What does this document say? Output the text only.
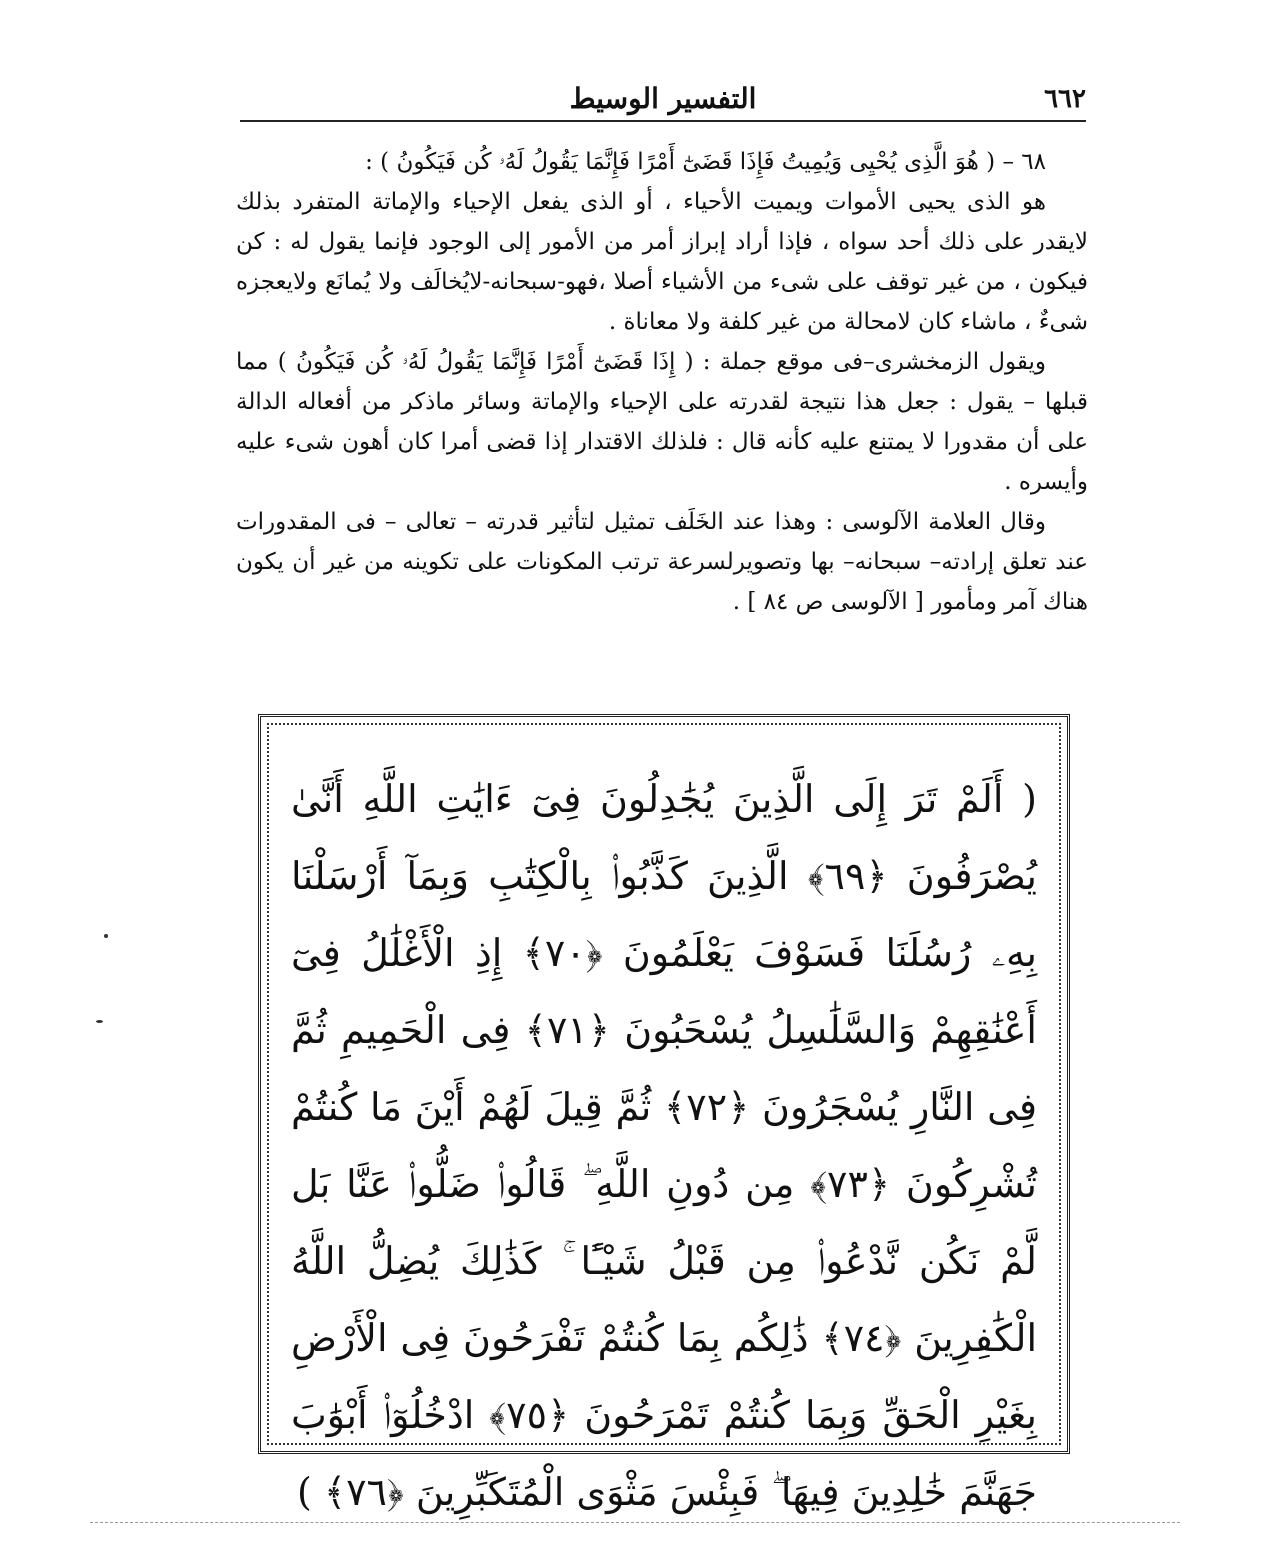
٦٦٢
التفسير الوسيط

٦٨ – ( هُوَ الَّذِى يُحْيِى وَيُمِيتُ فَإِذَا قَضَىٰٓ أَمْرًا فَإِنَّمَا يَقُولُ لَهُۥ كُن فَيَكُونُ ) :

هو الذى يحيى الأموات ويميت الأحياء ، أو الذى يفعل الإحياء والإماتة المتفرد بذلك لايقدر على ذلك أحد سواه ، فإذا أراد إبراز أمر من الأمور إلى الوجود فإنما يقول له : كن فيكون ، من غير توقف على شىء من الأشياء أصلا ،فهو-سبحانه-لايُخالَف ولا يُمانَع ولايعجزه شىءٌ ، ماشاء كان لامحالة من غير كلفة ولا معاناة .

ويقول الزمخشرى–فى موقع جملة : ( إِذَا قَضَىٰٓ أَمْرًا فَإِنَّمَا يَقُولُ لَهُۥ كُن فَيَكُونُ ) مما قبلها – يقول : جعل هذا نتيجة لقدرته على الإحياء والإماتة وسائر ماذكر من أفعاله الدالة على أن مقدورا لا يمتنع عليه كأنه قال : فلذلك الاقتدار إذا قضى أمرا كان أهون شىء عليه وأيسره .

وقال العلامة الآلوسى : وهذا عند الخَلَف تمثيل لتأثير قدرته – تعالى – فى المقدورات عند تعلق إرادته– سبحانه– بها وتصويرلسرعة ترتب المكونات على تكوينه من غير أن يكون هناك آمر ومأمور [ الآلوسى ص ٨٤ ] .

( أَلَمْ تَرَ إِلَى الَّذِينَ يُجَٰدِلُونَ فِىٓ ءَايَٰتِ اللَّهِ أَنَّىٰ يُصْرَفُونَ ﴿٦٩﴾ الَّذِينَ كَذَّبُوا۟ بِالْكِتَٰبِ وَبِمَآ أَرْسَلْنَا بِهِۦ رُسُلَنَا فَسَوْفَ يَعْلَمُونَ ﴿٧٠﴾ إِذِ الْأَغْلَٰلُ فِىٓ أَعْنَٰقِهِمْ وَالسَّلَٰسِلُ يُسْحَبُونَ ﴿٧١﴾ فِى الْحَمِيمِ ثُمَّ فِى النَّارِ يُسْجَرُونَ ﴿٧٢﴾ ثُمَّ قِيلَ لَهُمْ أَيْنَ مَا كُنتُمْ تُشْرِكُونَ ﴿٧٣﴾ مِن دُونِ اللَّهِ ۖ قَالُوا۟ ضَلُّوا۟ عَنَّا بَل لَّمْ نَكُن نَّدْعُوا۟ مِن قَبْلُ شَيْـًٔا ۚ كَذَٰلِكَ يُضِلُّ اللَّهُ الْكَٰفِرِينَ ﴿٧٤﴾ ذَٰلِكُم بِمَا كُنتُمْ تَفْرَحُونَ فِى الْأَرْضِ بِغَيْرِ الْحَقِّ وَبِمَا كُنتُمْ تَمْرَحُونَ ﴿٧٥﴾ ادْخُلُوٓا۟ أَبْوَٰبَ جَهَنَّمَ خَٰلِدِينَ فِيهَا ۖ فَبِئْسَ مَثْوَى الْمُتَكَبِّرِينَ ﴿٧٦﴾ )
